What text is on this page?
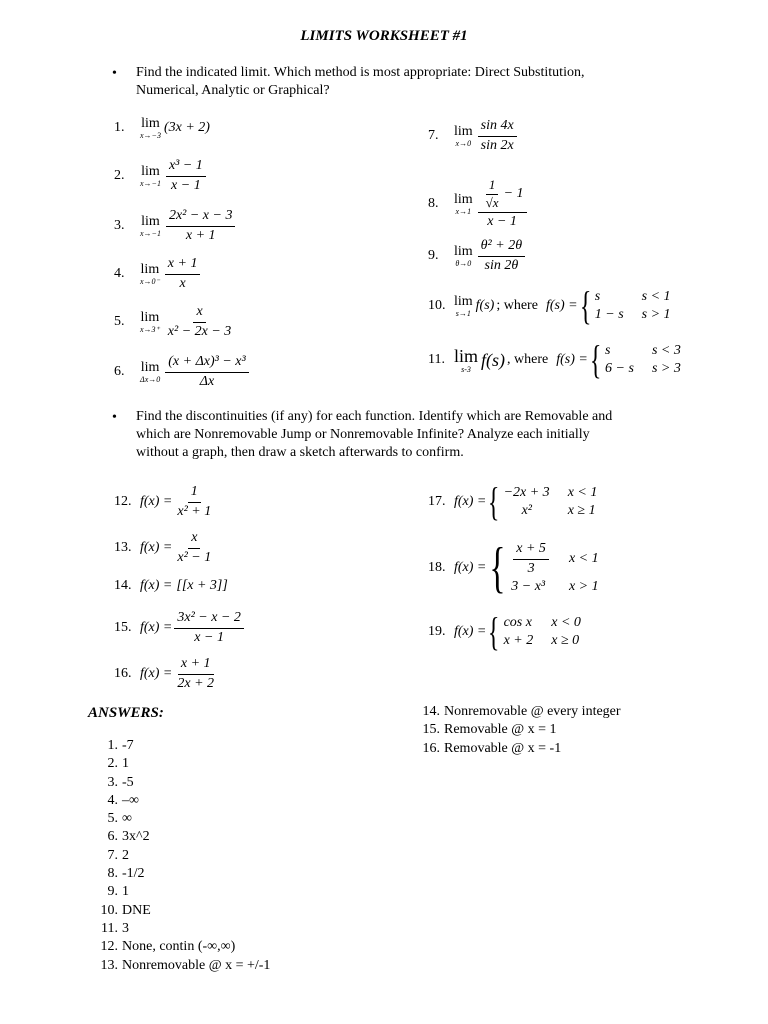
LIMITS WORKSHEET #1
• Find the indicated limit. Which method is most appropriate: Direct Substitution,
Numerical, Analytic or Graphical?
1.	lim
x→−3 (3x + 2)
2.	lim
$x\to-1 \frac{\text{x³ − 1}}{x - 1}$
3.	lim
$x\to-1 \frac{\text{2x² − x − 3}}{x + 1}$
4.	lim
$x\to 0^- \frac{x + 1}{x}$
5.	lim
$x\to 3^+ \frac{x}{\text{x² − 2x − 3}}$
6.	lim
$\Delta x\to 0 \frac{\text{(x + Δx)³ − x³}}{\Delta x}$
7.	lim
$x\to 0 \frac{\sin 4x}{\sin 2x}$
8.	lim
$x\to 1 \frac{\frac{1}{√x} - 1}{x - 1}$
9.	lim
$\theta\to 0 \frac{\text{θ² + 2θ}}{\sin 2\theta}$
10. lim
s→1 f(s) ; where f(s) = { s	s < 1
1 − s s > 1
11. lim
s-3 f(s) , where f(s) = { s	s < 3
6 − s s > 3
• Find the discontinuities (if any) for each function. Identify which are Removable and
which are Nonremovable Jump or Nonremovable Infinite? Analyze each initially
without a graph, then draw a sketch afterwards to confirm.
12. $f(x) = \frac{1}{\text{x² + 1}}$
13. $f(x) = \frac{x}{\text{x² − 1}}$
14. f(x) = [[x + 3]]
15. $f(x) = \frac{\text{3x² − x − 2}}{x - 1}$
16. $f(x) = \frac{x + 1}{2x + 2}$
17. f(x) = { −2x + 3 x < 1
x²	x ≥ 1
18. f(x) = { $\frac{x + 5}{3}$ x < 1
3 − x³	x > 1
19. f(x) = { cos x x < 0
x + 2 x ≥ 0
ANSWERS:
1. -7
2. 1
3. -5
4. –∞
5. ∞
6. 3x^2
7. 2
8. -1/2
9. 1
10. DNE
11. 3
12. None, contin (-∞,∞)
13. Nonremovable @ x = +/-1
14. Nonremovable @ every integer
15. Removable @ x = 1
16. Removable @ x = -1
